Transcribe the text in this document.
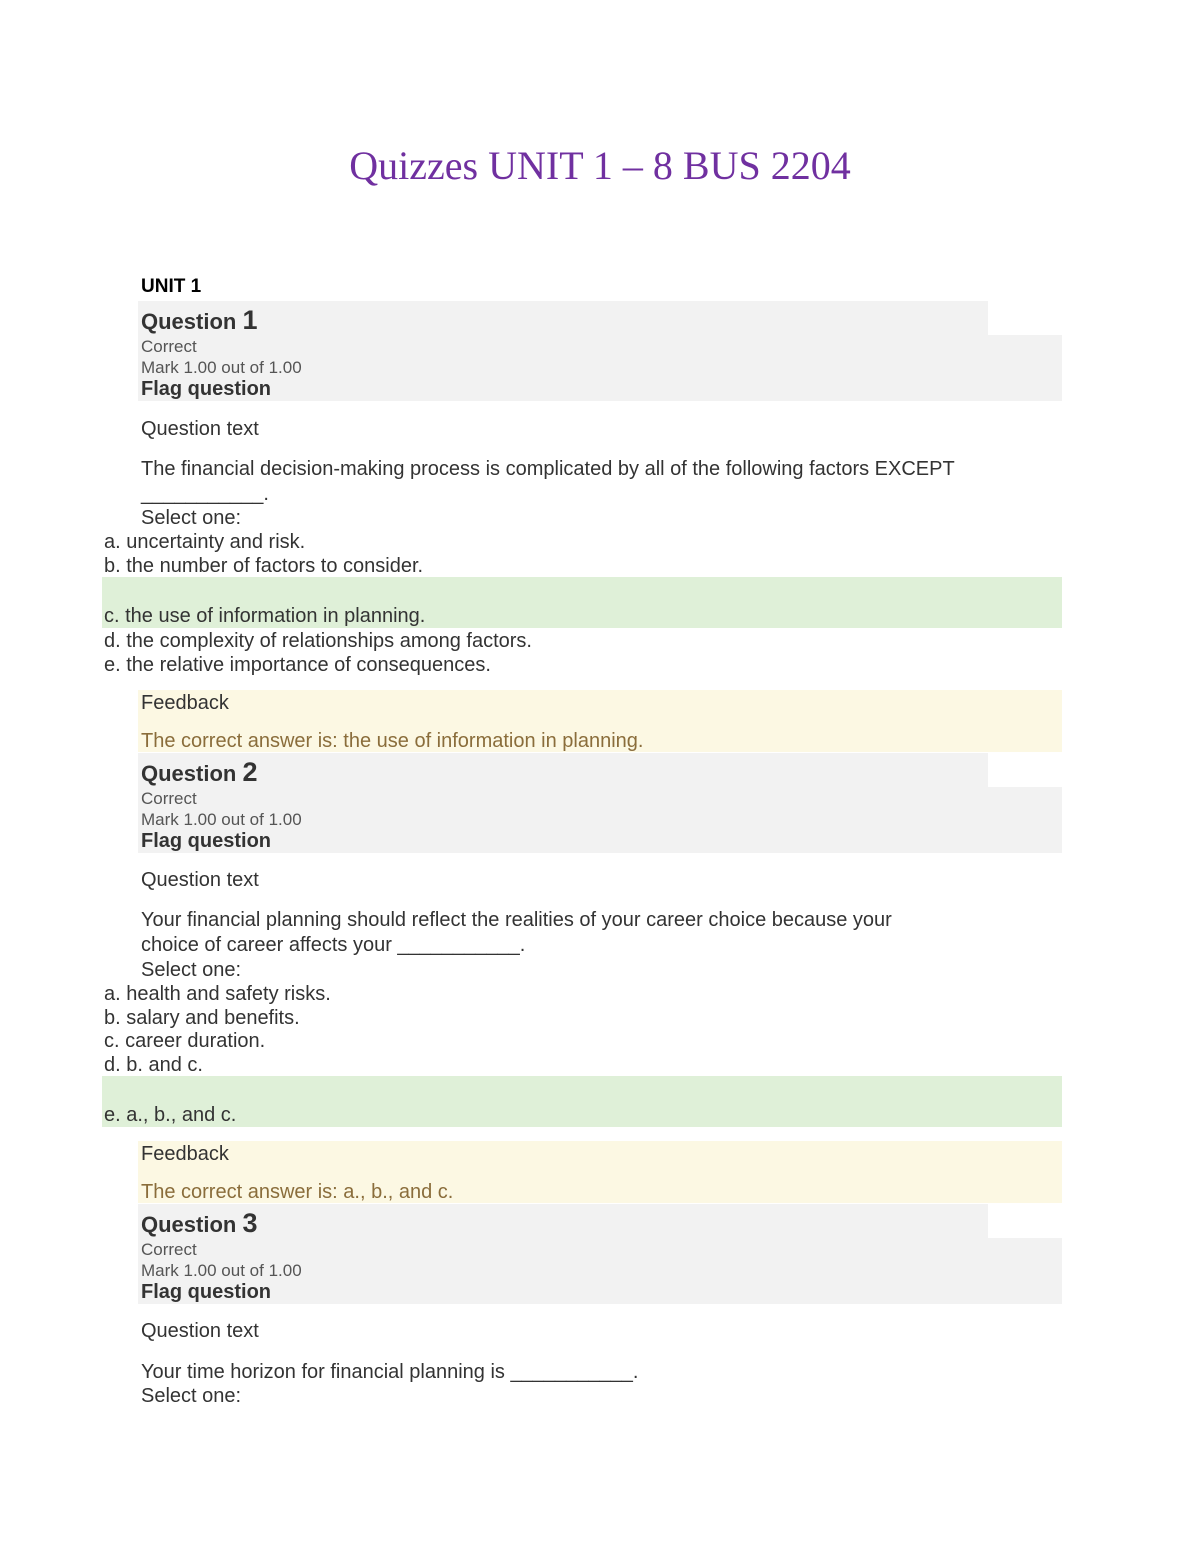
Quizzes UNIT 1 – 8 BUS 2204
UNIT 1
Question 1
Correct
Mark 1.00 out of 1.00
Flag question
Question text
The financial decision-making process is complicated by all of the following factors EXCEPT
___________.
Select one:
a. uncertainty and risk.
b. the number of factors to consider.
c. the use of information in planning.
d. the complexity of relationships among factors.
e. the relative importance of consequences.
Feedback
The correct answer is: the use of information in planning.
Question 2
Correct
Mark 1.00 out of 1.00
Flag question
Question text
Your financial planning should reflect the realities of your career choice because your
choice of career affects your ___________.
Select one:
a. health and safety risks.
b. salary and benefits.
c. career duration.
d. b. and c.
e. a., b., and c.
Feedback
The correct answer is: a., b., and c.
Question 3
Correct
Mark 1.00 out of 1.00
Flag question
Question text
Your time horizon for financial planning is ___________.
Select one:
